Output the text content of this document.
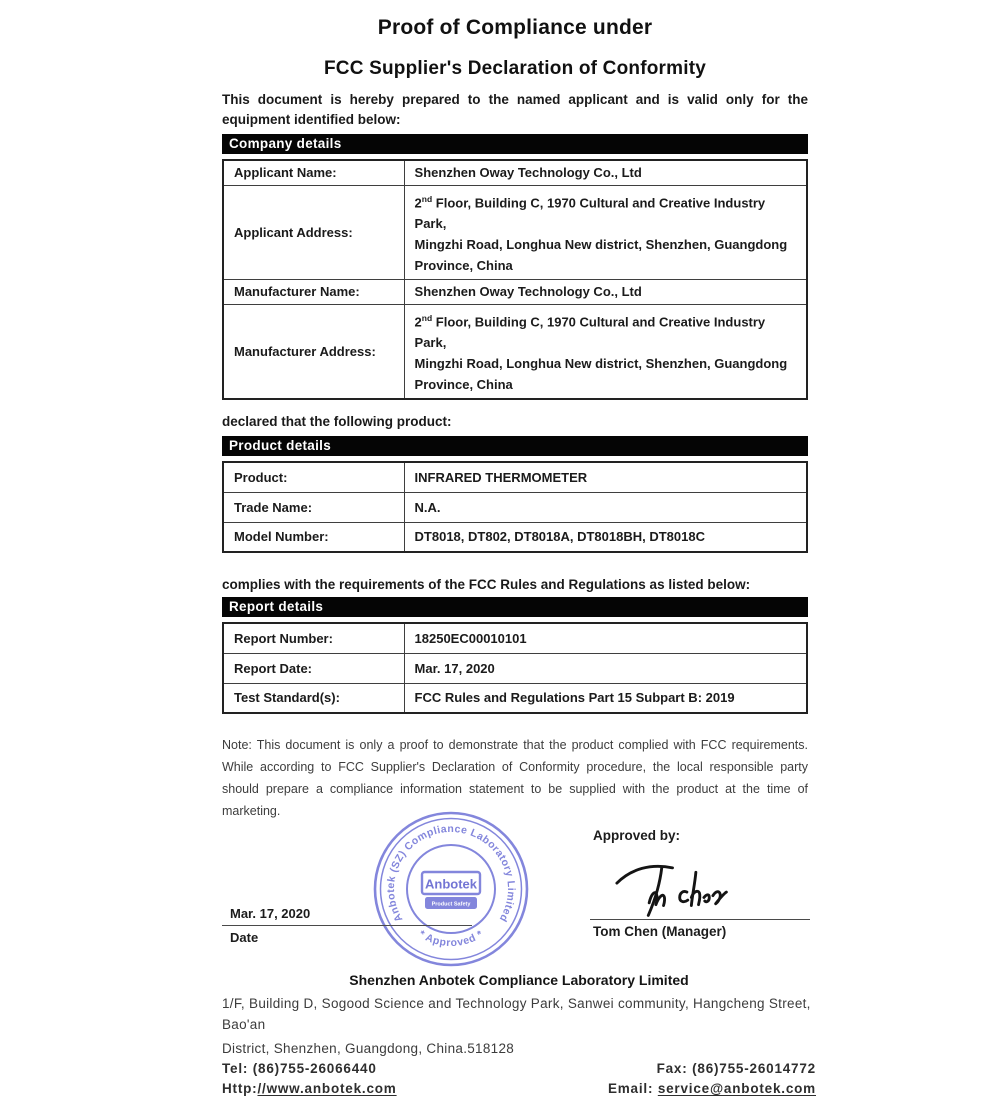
Proof of Compliance under
FCC Supplier's Declaration of Conformity

This document is hereby prepared to the named applicant and is valid only for the equipment identified below:

Company details
Applicant Name:	Shenzhen Oway Technology Co., Ltd
Applicant Address:	2nd Floor, Building C, 1970 Cultural and Creative Industry Park,
Mingzhi Road, Longhua New district, Shenzhen, Guangdong
Province, China

Manufacturer Name:	Shenzhen Oway Technology Co., Ltd
Manufacturer Address:	2nd Floor, Building C, 1970 Cultural and Creative Industry Park,
Mingzhi Road, Longhua New district, Shenzhen, Guangdong
Province, China

declared that the following product:

Product details
Product:	INFRARED THERMOMETER
Trade Name:	N.A.
Model Number:	DT8018, DT802, DT8018A, DT8018BH, DT8018C

complies with the requirements of the FCC Rules and Regulations as listed below:

Report details
Report Number:	18250EC00010101
Report Date:	Mar. 17, 2020
Test Standard(s):	FCC Rules and Regulations Part 15 Subpart B: 2019

Note: This document is only a proof to demonstrate that the product complied with FCC requirements. While according to FCC Supplier's Declaration of Conformity procedure, the local responsible party should prepare a compliance information statement to be supplied with the product at the time of marketing.

Anbotek (SZ) Compliance Laboratory Limited
* Approved *
Anbotek
Product Safety
Mar. 17, 2020
Date
Approved by:
Tom Chen (Manager)
Shenzhen Anbotek Compliance Laboratory Limited
1/F, Building D, Sogood Science and Technology Park, Sanwei community, Hangcheng Street, Bao'an
District, Shenzhen, Guangdong, China.518128
Tel: (86)755-26066440	Fax: (86)755-26014772
Http://www.anbotek.com	Email: service@anbotek.com
